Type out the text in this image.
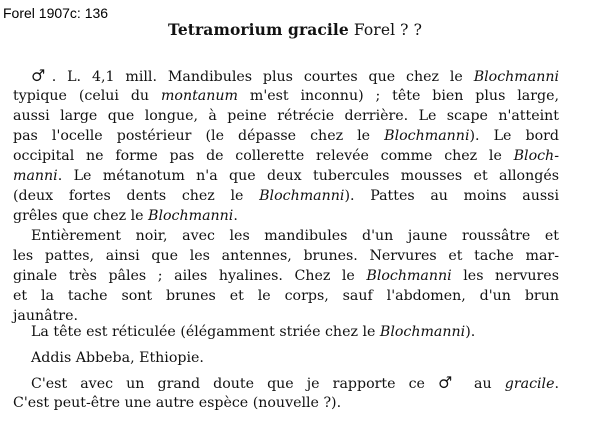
Forel 1907c: 136
Tetramorium gracile Forel ? ?
♂. L. 4,1 mill. Mandibules plus courtes que chez le Blochmanni
typique (celui du montanum m'est inconnu) ; tête bien plus large,
aussi large que longue, à peine rétrécie derrière. Le scape n'atteint
pas l'ocelle postérieur (le dépasse chez le Blochmanni). Le bord
occipital ne forme pas de collerette relevée comme chez le Bloch-
manni. Le métanotum n'a que deux tubercules mousses et allongés
(deux fortes dents chez le Blochmanni). Pattes au moins aussi
grêles que chez le Blochmanni.
Entièrement noir, avec les mandibules d'un jaune roussâtre et
les pattes, ainsi que les antennes, brunes. Nervures et tache mar-
ginale très pâles ; ailes hyalines. Chez le Blochmanni les nervures
et la tache sont brunes et le corps, sauf l'abdomen, d'un brun
jaunâtre.
La tête est réticulée (élégamment striée chez le Blochmanni).
Addis Abbeba, Ethiopie.
C'est avec un grand doute que je rapporte ce ♂ au gracile.
C'est peut-être une autre espèce (nouvelle ?).
